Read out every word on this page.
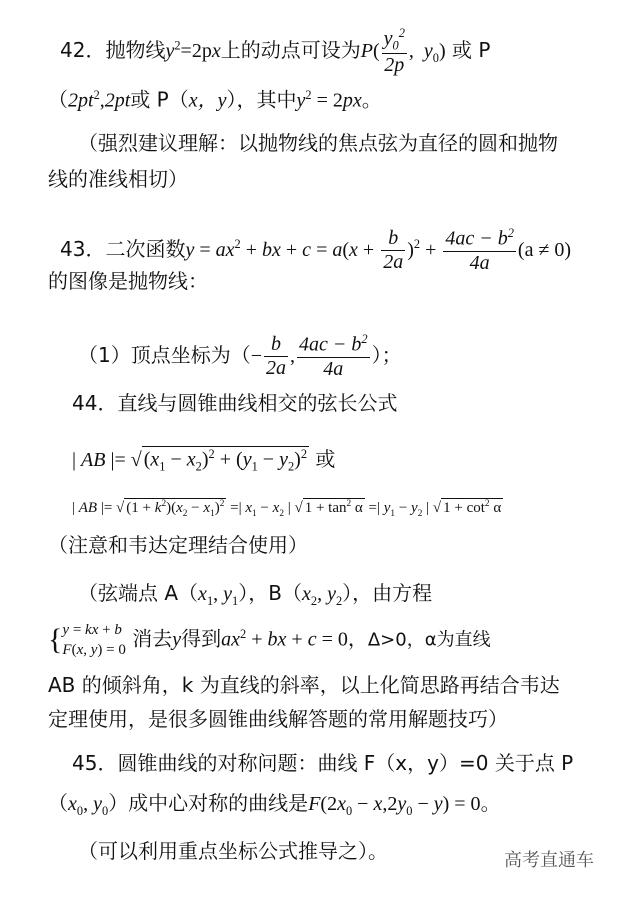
42．抛物线$y^2=2px$上的动点可设为$P( \frac{y_0^2}{2p}$ ,  $y_0$) 或 P
（$2pt^2,2pt$或 P（x，y），其中$y^2 = 2px$。
（强烈建议理解：以抛物线的焦点弦为直径的圆和抛物
线的准线相切）
43．二次函数$y = ax^2$ + bx + $c = a(x + \frac{b}{2a} )^2 + \frac{4ac - b^2}{4a} (a \ne 0)$
的图像是抛物线：
（1）顶点坐标为（− $\frac{b}{2a}$ , $\frac{4ac - b^2}{4a}$ ）；
44．直线与圆锥曲线相交的弦长公式
| AB |= √ $(x_1 - x_2)^2 + (y_1 - y_2)^2$ 或
| AB |= √ $(1 + k^2)(x_2 - x_1)^2$ =| $x_1 - x_2$ | √ $1 + \tan^2 \alpha$ =| $y_1 - y_2$ | √ $1 + \cot^2 \alpha$
（注意和韦达定理结合使用）
（弦端点 $A(x_1$, $y_1$），$B(x_2$, $y_2$），由方程
{ y = kx + b
F(x, y) = 0 消去y得到$ax^2$ + bx + c = 0，Δ>0，α为直线
AB 的倾斜角，k 为直线的斜率，以上化简思路再结合韦达
定理使用，是很多圆锥曲线解答题的常用解题技巧）
45．圆锥曲线的对称问题：曲线 F（x，y）=0 关于点 P
（$x_0$, $y_0$）成中心对称的曲线是$F(2x_0 - x,2y_0 - y) = 0$。
（可以利用重点坐标公式推导之）。	高考直通车
